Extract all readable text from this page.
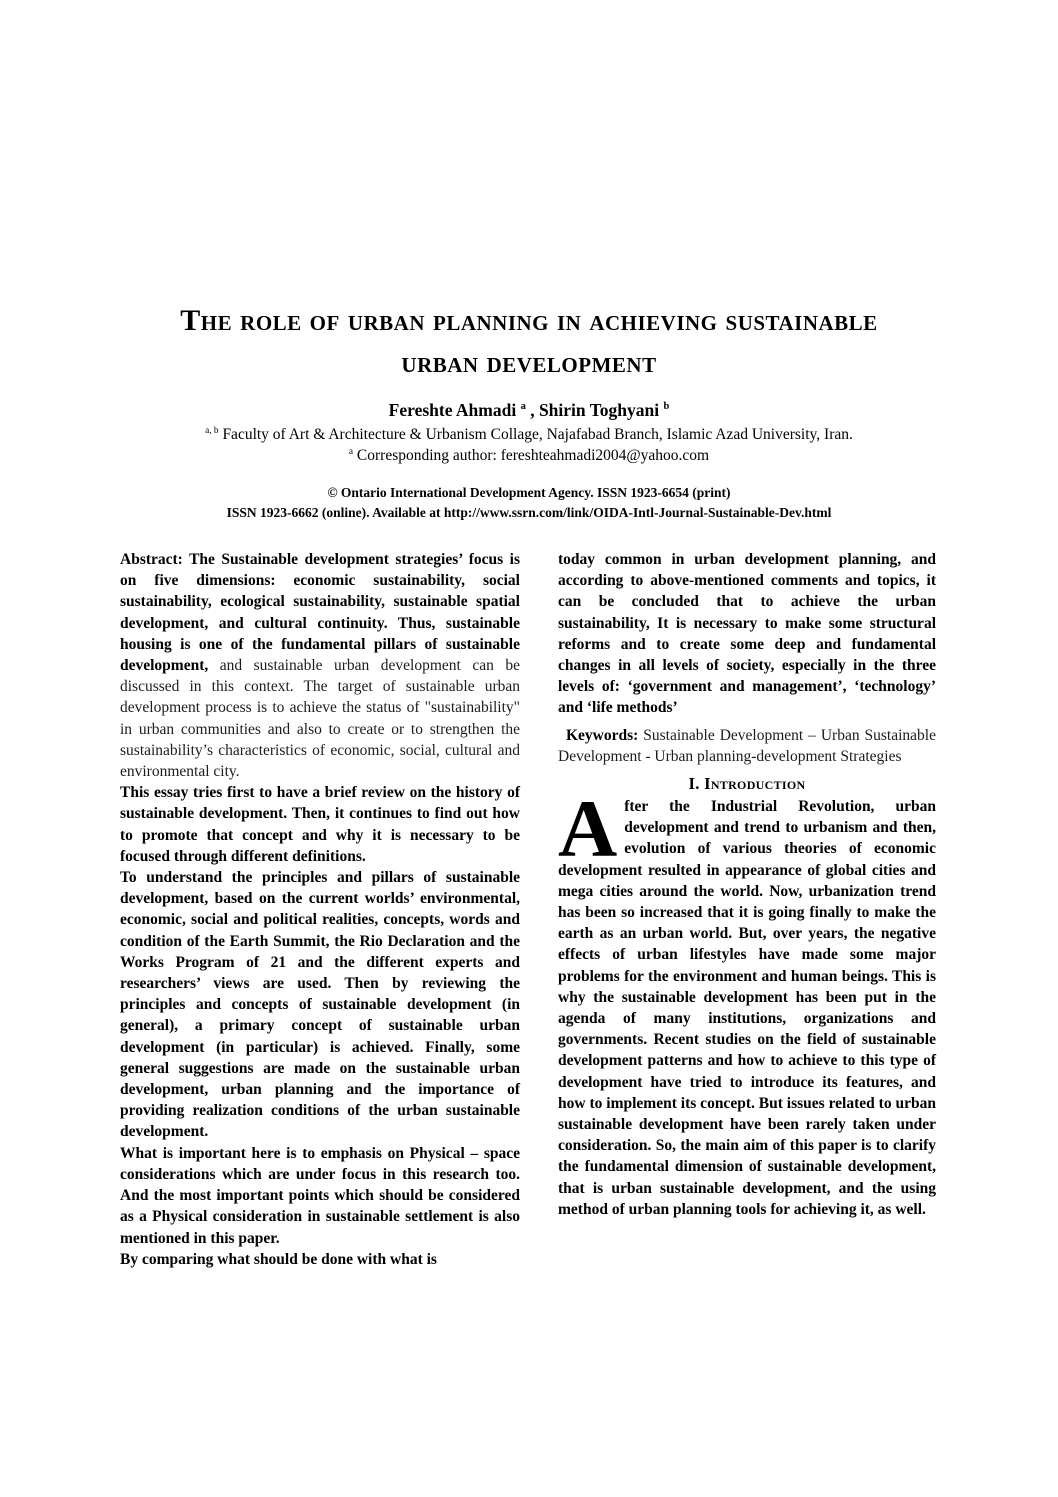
The role of urban planning in achieving sustainable
urban development
Fereshte Ahmadi $^a$ , Shirin Toghyani $^b$
$^{a, b}$ Faculty of Art & Architecture & Urbanism Collage, Najafabad Branch, Islamic Azad University, Iran.
$^a$ Corresponding author: fereshteahmadi2004@yahoo.com
© Ontario International Development Agency. ISSN 1923-6654 (print)
ISSN 1923-6662 (online). Available at http://www.ssrn.com/link/OIDA-Intl-Journal-Sustainable-Dev.html

Abstract: The Sustainable development strategies’ focus is on five dimensions: economic sustainability, social sustainability, ecological sustainability, sustainable spatial development, and cultural continuity. Thus, sustainable housing is one of the fundamental pillars of sustainable development, and sustainable urban development can be discussed in this context. The target of sustainable urban development process is to achieve the status of "sustainability" in urban communities and also to create or to strengthen the sustainability’s characteristics of economic, social, cultural and environmental city.

This essay tries first to have a brief review on the history of sustainable development. Then, it continues to find out how to promote that concept and why it is necessary to be focused through different definitions.

To understand the principles and pillars of sustainable development, based on the current worlds’ environmental, economic, social and political realities, concepts, words and condition of the Earth Summit, the Rio Declaration and the Works Program of 21 and the different experts and researchers’ views are used. Then by reviewing the principles and concepts of sustainable development (in general), a primary concept of sustainable urban development (in particular) is achieved. Finally, some general suggestions are made on the sustainable urban development, urban planning and the importance of providing realization conditions of the urban sustainable development.

What is important here is to emphasis on Physical – space considerations which are under focus in this research too. And the most important points which should be considered as a Physical consideration in sustainable settlement is also mentioned in this paper.

By comparing what should be done with what is

today common in urban development planning, and according to above-mentioned comments and topics, it can be concluded that to achieve the urban sustainability, It is necessary to make some structural reforms and to create some deep and fundamental changes in all levels of society, especially in the three levels of: ‘government and management’, ‘technology’ and ‘life methods’

Keywords: Sustainable Development – Urban Sustainable Development - Urban planning-development Strategies

I. Introduction

After the Industrial Revolution, urban development and trend to urbanism and then, evolution of various theories of economic development resulted in appearance of global cities and mega cities around the world. Now, urbanization trend has been so increased that it is going finally to make the earth as an urban world. But, over years, the negative effects of urban lifestyles have made some major problems for the environment and human beings. This is why the sustainable development has been put in the agenda of many institutions, organizations and governments. Recent studies on the field of sustainable development patterns and how to achieve to this type of development have tried to introduce its features, and how to implement its concept. But issues related to urban sustainable development have been rarely taken under consideration. So, the main aim of this paper is to clarify the fundamental dimension of sustainable development, that is urban sustainable development, and the using method of urban planning tools for achieving it, as well.
